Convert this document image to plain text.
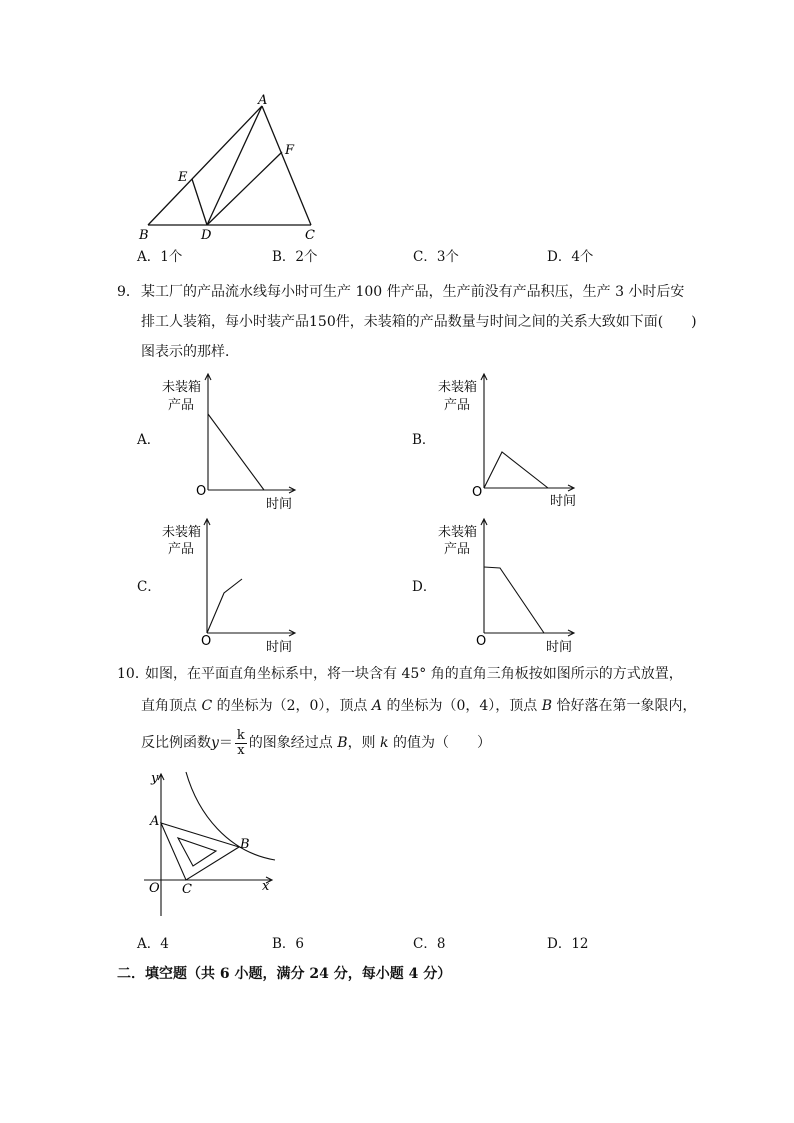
A
F
E
B	D	C
A．1个	B．2个	C．3个	D．4个
9． 某工厂的产品流水线每小时可生产 100 件产品，生产前没有产品积压，生产 3 小时后安
排工人装箱，每小时装产品150件，未装箱的产品数量与时间之间的关系大致如下面(　　)
图表示的那样．
A．
未装箱
产品
O
时间
B．
未装箱
产品
O
时间
C．
未装箱
产品
O	时间
D．
未装箱
产品
O	时间
10．
如图，在平面直角坐标系中，将一块含有 45° 角的直角三角板按如图所示的方式放置，
直角顶点 C 的坐标为（2，0），顶点 A 的坐标为（0，4），顶点 B 恰好落在第一象限内，
反比例函数$y= \frac{k}{x}$ 的图象经过点 B，则 k 的值为（　　）
y
A
B
O C	x
A．4	B．6	C．8	D．12
二．填空题（共 6 小题，满分 24 分，每小题 4 分）
